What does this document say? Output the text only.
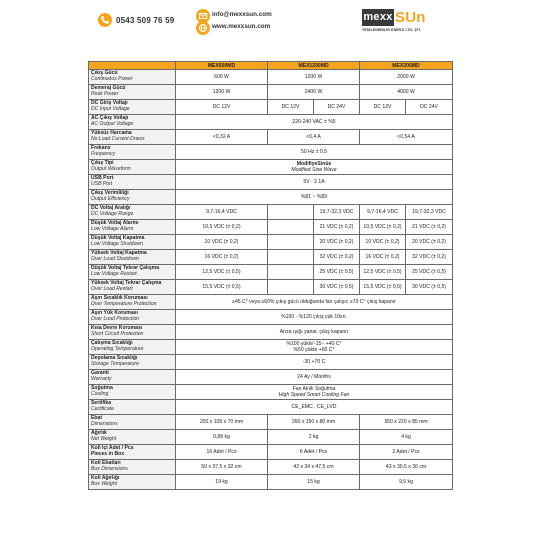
0543 509 76 59
info@mexxsun.com
www.mexxsun.com
mexx SUn
YENİLENEBİLİR ENERJİ LTD. ŞTİ.
	MEX600MD	MEX1200MD		MEX200MD	

Çıkış Gücü
Continuous Power	600 W	1200 W		2000 W	

Demeraj Gücü
Peak Power	1200 W	2400 W		4000 W	

DC Giriş Voltajı
DC Input Voltage	DC 12V	DC 12V	DC 24V	DC 12V	DC 24V

AC Çıkış Voltajı
AC Output Voltage	220-240 VAC ± %5				

Yüksüz Harcama
No Load Current Draws	<0,32 A	<0,4 A		<0,54 A	

Frekans
Frequency	50 Hz ± 0,5				

Çıkış Tipi
Output Waveform	ModifiyeSinüs
Modified Sine Wave				

USB Port
USB Port	5V - 2.1A				

Çıkış Verimliliği
Output Efficiency	%81 ~ %89				

DC Voltaj Aralığı
DC Voltage Range	9,7-16,4 VDC		19,7-32,3 VDC	9,7-16,4 VDC	19,7-32,3 VDC

Düşük Voltaj Alarmı
Low Voltage Alarm	10,5 VDC (± 0,2)		21 VDC (± 0,2)	10,5 VDC (± 0,2)	21 VDC (± 0,2)

Düşük Voltaj Kapatma
Low Voltage Shutdown	10 VDC (± 0,2)		20 VDC (± 0,2)	10 VDC (± 0,2)	20 VDC (± 0,2)

Yüksek Voltaj Kapatma
Over Load Shutdown	16 VDC (± 0,2)		32 VDC (± 0,2)	16 VDC (± 0,2)	32 VDC (± 0,2)

Düşük Voltaj Tekrar Çalışma
Low Voltage Restart	12,5 VDC (± 0,5)		25 VDC (± 0,5)	12,5 VDC (± 0,5)	25 VDC (± 0,5)

Yüksek Voltaj Tekrar Çalışma
Over Load Restart	15,5 VDC (± 0,5)		30 VDC (± 0,5)	15,5 VDC (± 0,5)	30 VDC (± 0,5)

Aşırı Sıcaklık Koruması
Over Temperature Protection	≥45 C° veya ≥60% çıkış gücü olduğunda fan çalışır, ≥70 C° çıkış kapanır				

Aşırı Yük Koruması
Over Load Protection	%100 - %120 çıkış yük 10sn.				

Kısa Devre Koruması
Short Circuit Protection	Arıza ışığı yanar, çıkış kapanır				

Çalışma Sıcaklığı
Operating Temperature	%100 yükte'-15~ +40 C°
%50 yükte +60 C°				

Depolama Sıcaklığı
Storage Temperature	-30 +70 C				

Garanti
Warranty	24 Ay / Months				

Soğutma
Cooling	Fan Akıllı Soğutma
High Speed Smart Cooling Fan				

Sertifika
Certificate	CE_EMC , CE_LVD				

Ebat
Dimensions	200 x 105 x 70 mm	260 x 150 x 80 mm		350 x 220 x 85 mm	

Ağırlık
Net Weight	0,88 kg	2 kg		4 kg	

Koli İçi Adet / Pcs
Pieces in Box	16 Adet / Pcs	6 Adet / Pcs		2 Adet / Pcs	

Koli Ebatları
Box Dimensions	50 x 37,5 x 32 cm	42 x 34 x 47,5 cm		43 x 30,5 x 36 cm	

Koli Ağırlığı
Box Weight	19 kg	15 kg		9,5 kg	
